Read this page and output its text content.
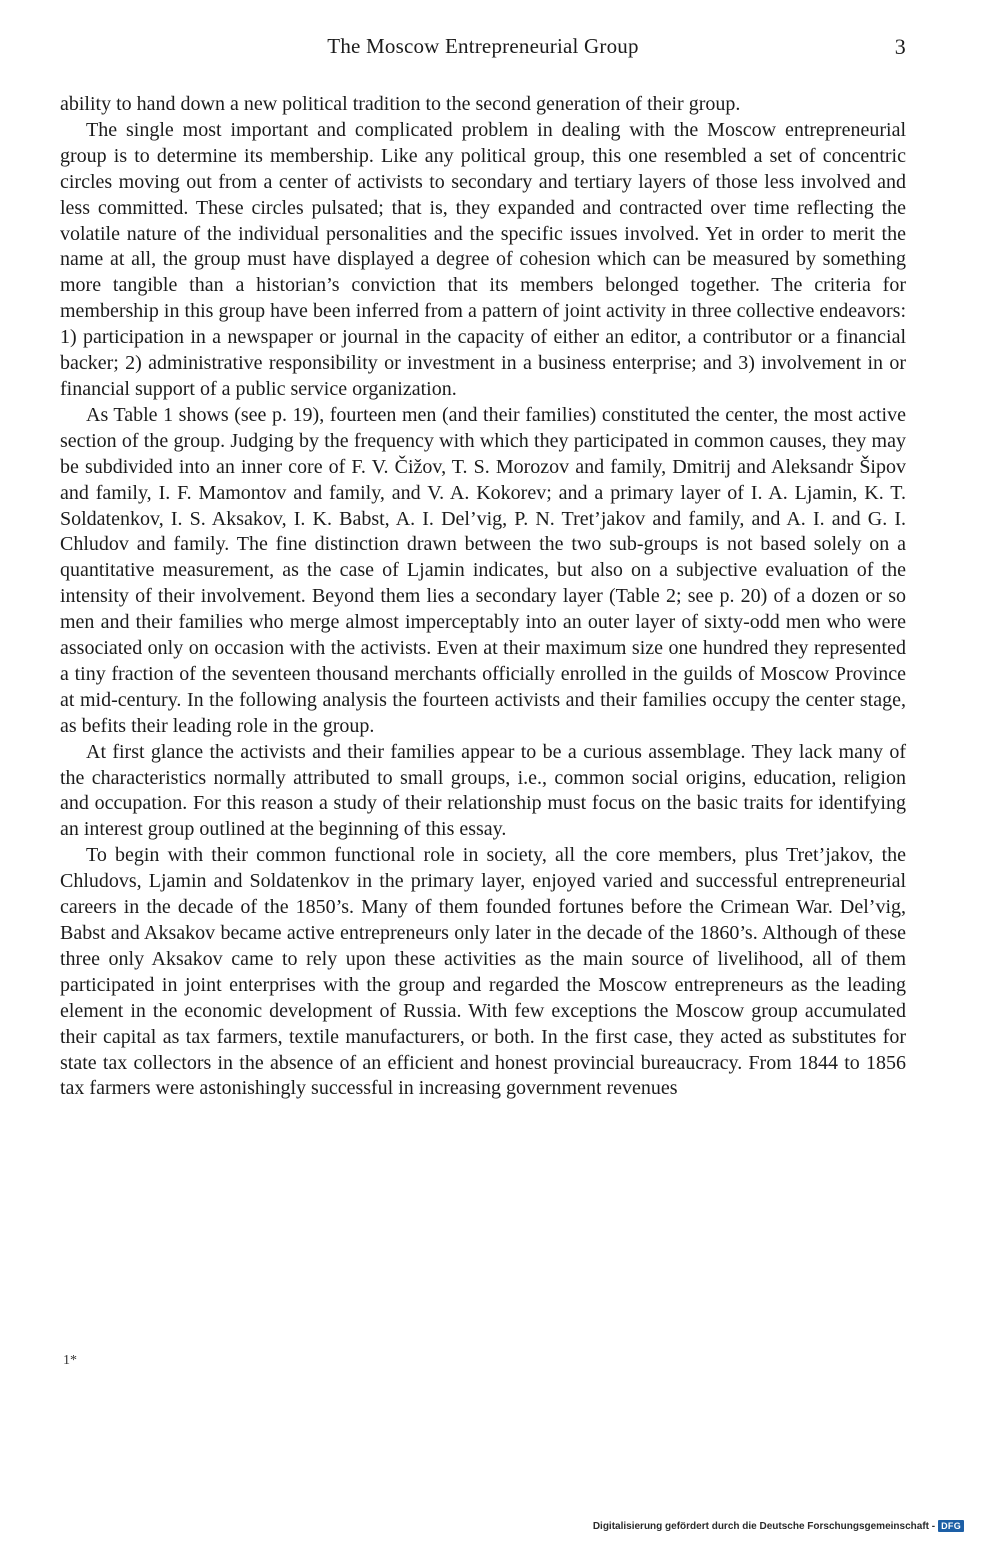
The Moscow Entrepreneurial Group	3

ability to hand down a new political tradition to the second generation of their group.

The single most important and complicated problem in dealing with the Moscow entrepreneurial group is to determine its membership. Like any political group, this one resembled a set of concentric circles moving out from a center of activists to secondary and tertiary layers of those less involved and less committed. These circles pulsated; that is, they expanded and contracted over time reflecting the volatile nature of the individual personalities and the specific issues involved. Yet in order to merit the name at all, the group must have displayed a degree of cohesion which can be measured by something more tangible than a historian’s conviction that its members belonged together. The criteria for membership in this group have been inferred from a pattern of joint activity in three collective endeavors: 1) participation in a newspaper or journal in the capacity of either an editor, a contributor or a financial backer; 2) administrative responsibility or investment in a business enterprise; and 3) involvement in or financial support of a public service organization.

As Table 1 shows (see p. 19), fourteen men (and their families) constituted the center, the most active section of the group. Judging by the frequency with which they participated in common causes, they may be subdivided into an inner core of F. V. Čižov, T. S. Morozov and family, Dmitrij and Aleksandr Šipov and family, I. F. Mamontov and family, and V. A. Kokorev; and a primary layer of I. A. Ljamin, K. T. Soldatenkov, I. S. Aksakov, I. K. Babst, A. I. Del’vig, P. N. Tret’jakov and family, and A. I. and G. I. Chludov and family. The fine distinction drawn between the two sub-groups is not based solely on a quantitative measurement, as the case of Ljamin indicates, but also on a subjective evaluation of the intensity of their involvement. Beyond them lies a secondary layer (Table 2; see p. 20) of a dozen or so men and their families who merge almost imperceptably into an outer layer of sixty-odd men who were associated only on occasion with the activists. Even at their maximum size one hundred they represented a tiny fraction of the seventeen thousand merchants officially enrolled in the guilds of Moscow Province at mid-century. In the following analysis the fourteen activists and their families occupy the center stage, as befits their leading role in the group.

At first glance the activists and their families appear to be a curious assemblage. They lack many of the characteristics normally attributed to small groups, i.e., common social origins, education, religion and occupation. For this reason a study of their relationship must focus on the basic traits for identifying an interest group outlined at the beginning of this essay.

To begin with their common functional role in society, all the core members, plus Tret’jakov, the Chludovs, Ljamin and Soldatenkov in the primary layer, enjoyed varied and successful entrepreneurial careers in the decade of the 1850’s. Many of them founded fortunes before the Crimean War. Del’vig, Babst and Aksakov became active entrepreneurs only later in the decade of the 1860’s. Although of these three only Aksakov came to rely upon these activities as the main source of livelihood, all of them participated in joint enterprises with the group and regarded the Moscow entrepreneurs as the leading element in the economic development of Russia. With few exceptions the Moscow group accumulated their capital as tax farmers, textile manufacturers, or both. In the first case, they acted as substitutes for state tax collectors in the absence of an efficient and honest provincial bureaucracy. From 1844 to 1856 tax farmers were astonishingly successful in increasing government revenues

1*
Digitalisierung gefördert durch die Deutsche Forschungsgemeinschaft - DFG
